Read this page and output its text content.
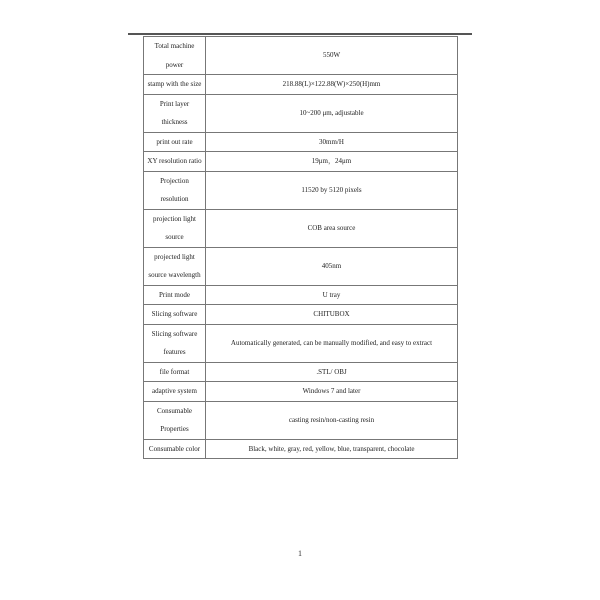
Total machine power	550W
stamp with the size	218.88(L)×122.88(W)×250(H)mm
Print layer thickness	10~200 μm, adjustable
print out rate	30mm/H
XY resolution ratio	19μm，24μm
Projection resolution	11520 by 5120 pixels
projection light source	COB area source
projected light source wavelength	405nm
Print mode	U tray
Slicing software	CHITUBOX
Slicing software features	Automatically generated, can be manually modified, and easy to extract
file format	.STL/ OBJ
adaptive system	Windows 7 and later
Consumable Properties	casting resin/non-casting resin
Consumable color	Black, white, gray, red, yellow, blue, transparent, chocolate
1
